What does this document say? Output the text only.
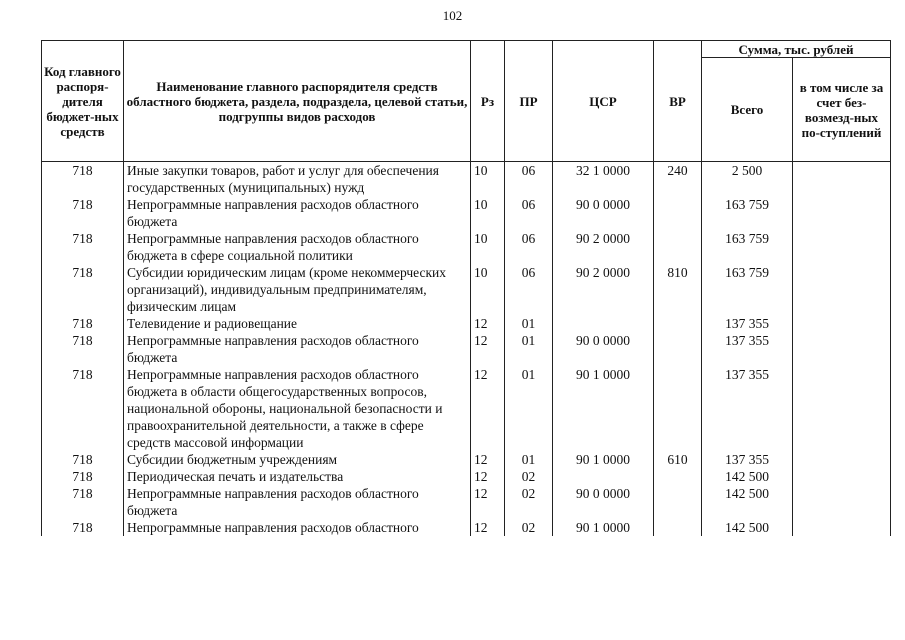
102
Код главного распоря-дителя бюджет-ных средств	Наименование главного распорядителя средств областного бюджета, раздела, подраздела, целевой статьи, подгруппы видов расходов	Рз	ПР	ЦСР	ВР	Сумма, тыс. рублей	
						Всего	в том числе за счет без-возмезд-ных по-ступлений
718	Иные закупки товаров, работ и услуг для обеспечения государственных (муниципальных) нужд	10	06	32 1 0000	240	2 500	
718	Непрограммные направления расходов областного бюджета	10	06	90 0 0000		163 759	
718	Непрограммные направления расходов областного бюджета в сфере социальной политики	10	06	90 2 0000		163 759	
718	Субсидии юридическим лицам (кроме некоммерческих организаций), индивидуальным предпринимателям, физическим лицам	10	06	90 2 0000	810	163 759	
718	Телевидение и радиовещание	12	01			137 355	
718	Непрограммные направления расходов областного бюджета	12	01	90 0 0000		137 355	
718	Непрограммные направления расходов областного бюджета в области общегосударственных вопросов, национальной обороны, национальной безопасности и правоохранительной деятельности, а также в сфере средств массовой информации	12	01	90 1 0000		137 355	
718	Субсидии бюджетным учреждениям	12	01	90 1 0000	610	137 355	
718	Периодическая печать и издательства	12	02			142 500	
718	Непрограммные направления расходов областного бюджета	12	02	90 0 0000		142 500	
718	Непрограммные направления расходов областного	12	02	90 1 0000		142 500	
